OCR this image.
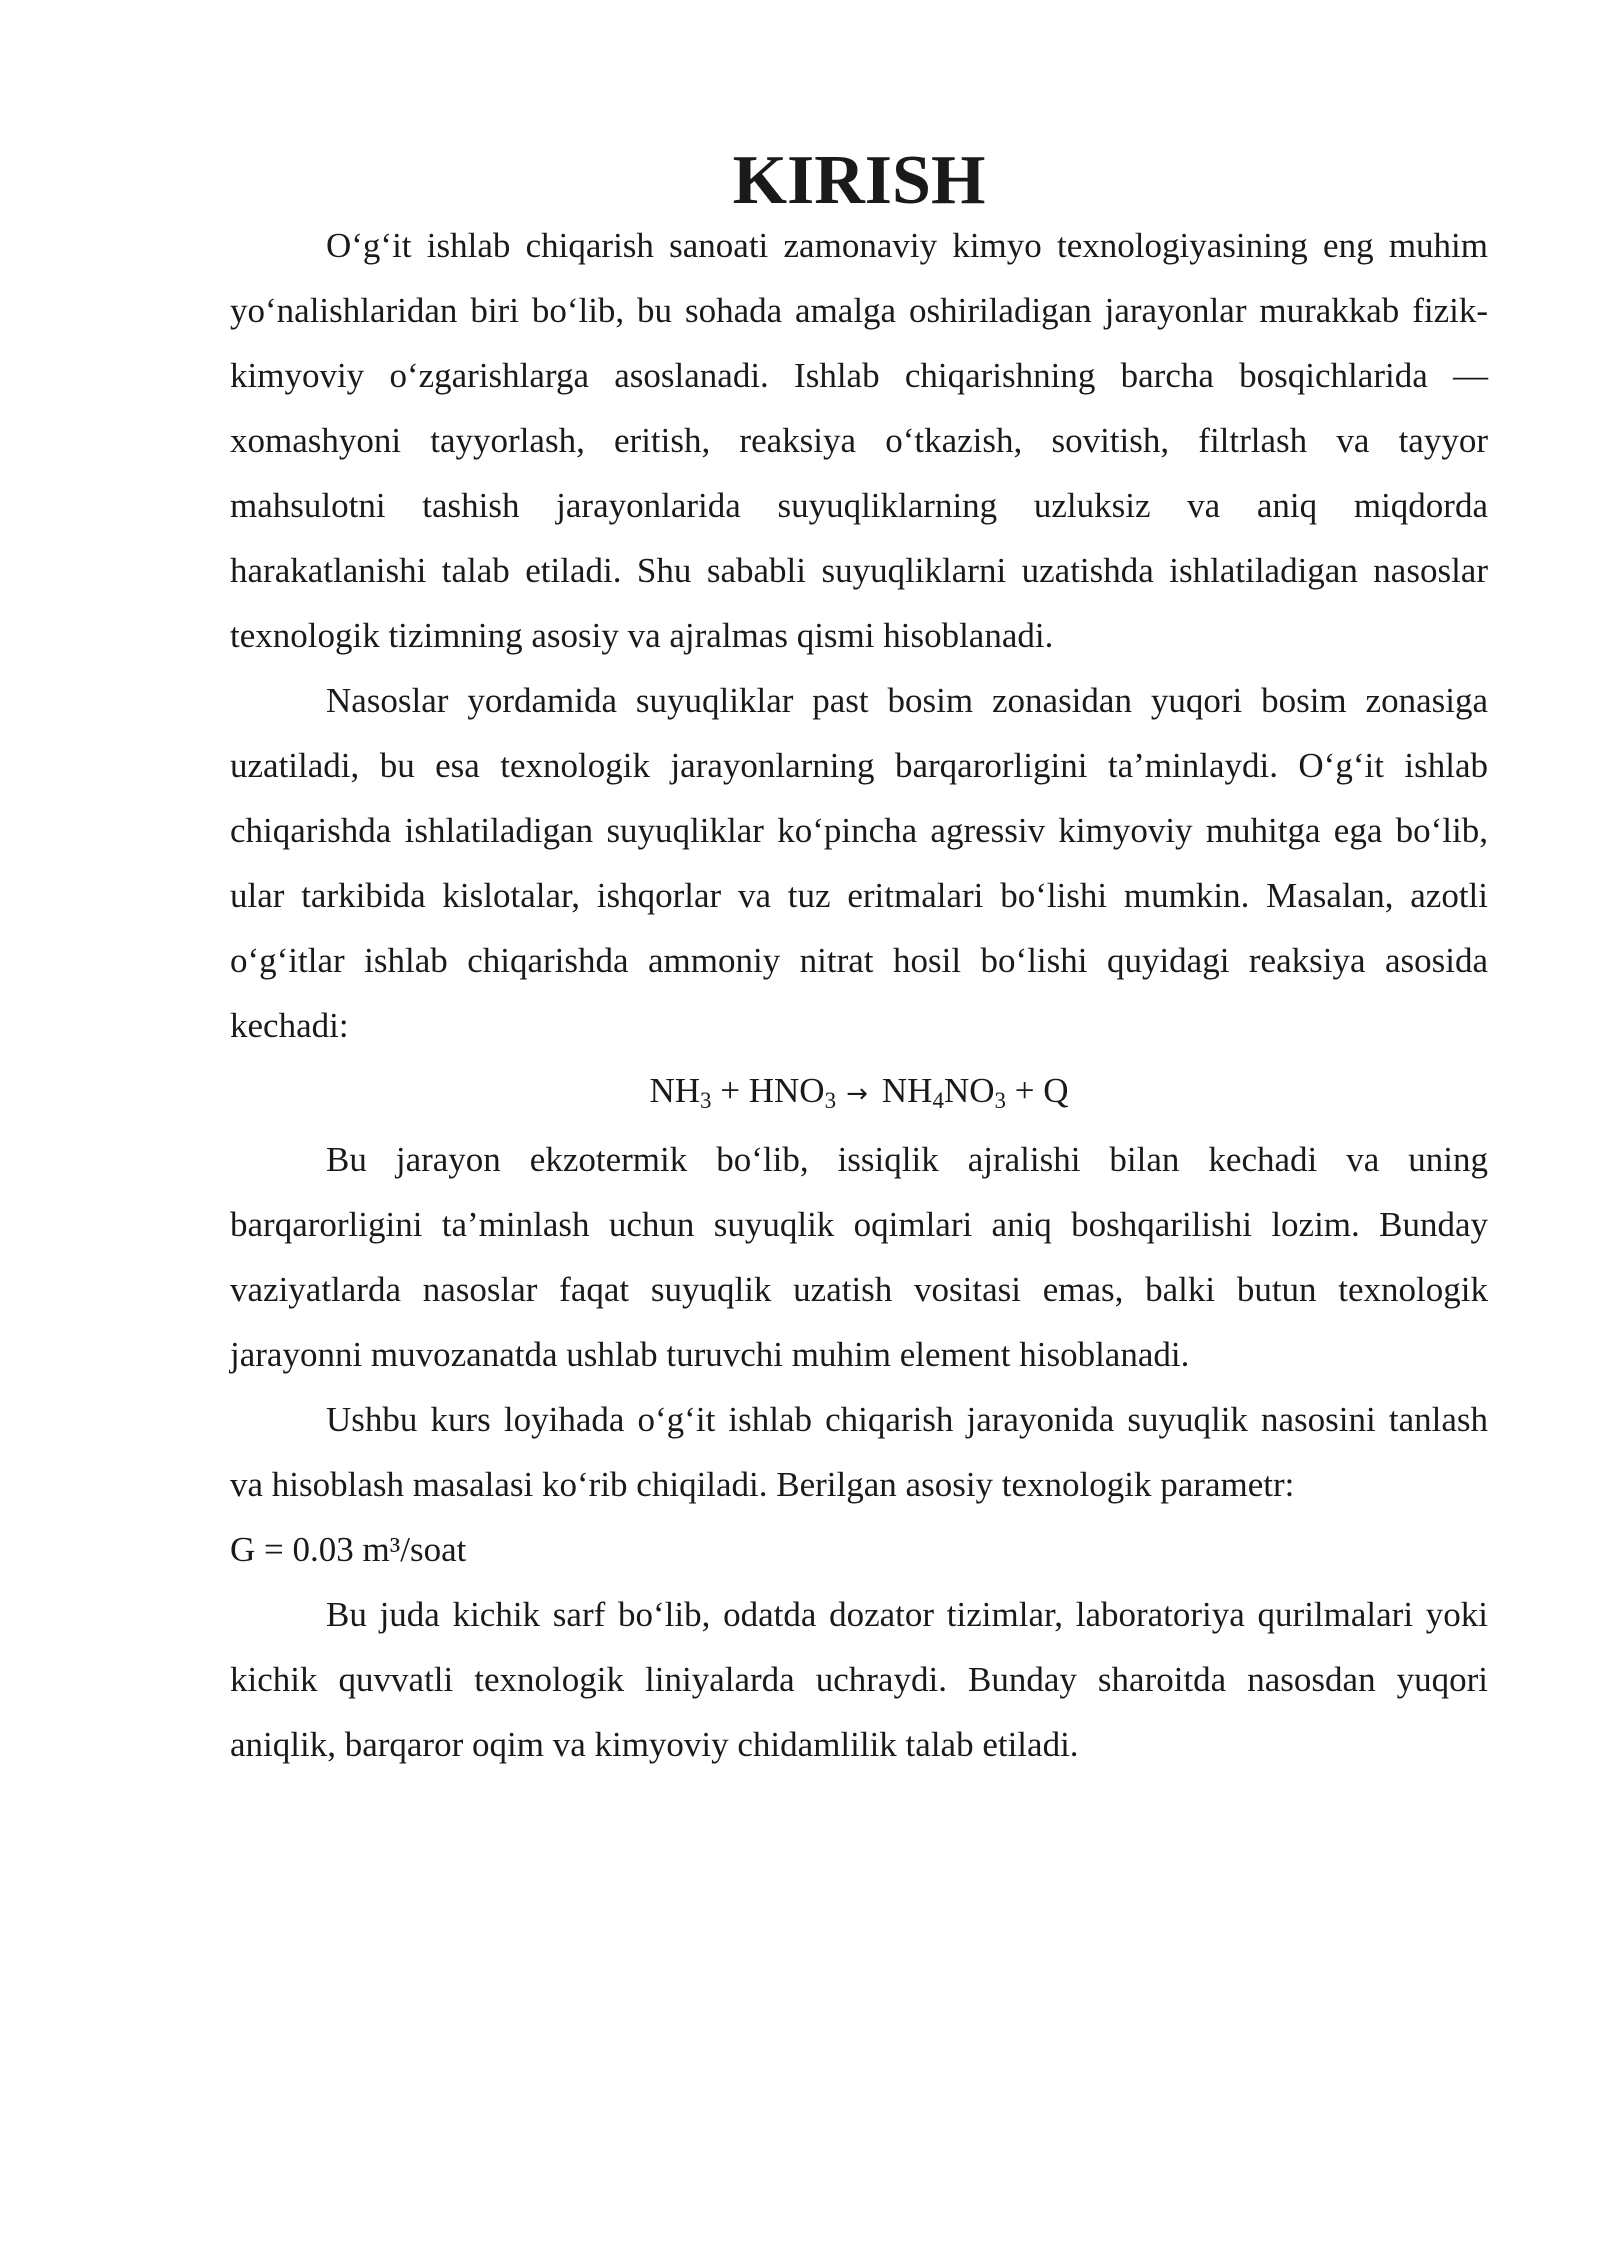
KIRISH

O‘g‘it ishlab chiqarish sanoati zamonaviy kimyo texnologiyasining eng muhim yo‘nalishlaridan biri bo‘lib, bu sohada amalga oshiriladigan jarayonlar murakkab fizik-kimyoviy o‘zgarishlarga asoslanadi. Ishlab chiqarishning barcha bosqichlarida — xomashyoni tayyorlash, eritish, reaksiya o‘tkazish, sovitish, filtrlash va tayyor mahsulotni tashish jarayonlarida suyuqliklarning uzluksiz va aniq miqdorda harakatlanishi talab etiladi. Shu sababli suyuqliklarni uzatishda ishlatiladigan nasoslar texnologik tizimning asosiy va ajralmas qismi hisoblanadi.

Nasoslar yordamida suyuqliklar past bosim zonasidan yuqori bosim zonasiga uzatiladi, bu esa texnologik jarayonlarning barqarorligini ta’minlaydi. O‘g‘it ishlab chiqarishda ishlatiladigan suyuqliklar ko‘pincha agressiv kimyoviy muhitga ega bo‘lib, ular tarkibida kislotalar, ishqorlar va tuz eritmalari bo‘lishi mumkin. Masalan, azotli o‘g‘itlar ishlab chiqarishda ammoniy nitrat hosil bo‘lishi quyidagi reaksiya asosida kechadi:

$NH_3 + HNO_3 \to NH_4NO_3 + Q$

Bu jarayon ekzotermik bo‘lib, issiqlik ajralishi bilan kechadi va uning barqarorligini ta’minlash uchun suyuqlik oqimlari aniq boshqarilishi lozim. Bunday vaziyatlarda nasoslar faqat suyuqlik uzatish vositasi emas, balki butun texnologik jarayonni muvozanatda ushlab turuvchi muhim element hisoblanadi.

Ushbu kurs loyihada o‘g‘it ishlab chiqarish jarayonida suyuqlik nasosini tanlash va hisoblash masalasi ko‘rib chiqiladi. Berilgan asosiy texnologik parametr:

G = 0.03 m³/soat

Bu juda kichik sarf bo‘lib, odatda dozator tizimlar, laboratoriya qurilmalari yoki kichik quvvatli texnologik liniyalarda uchraydi. Bunday sharoitda nasosdan yuqori aniqlik, barqaror oqim va kimyoviy chidamlilik talab etiladi.
